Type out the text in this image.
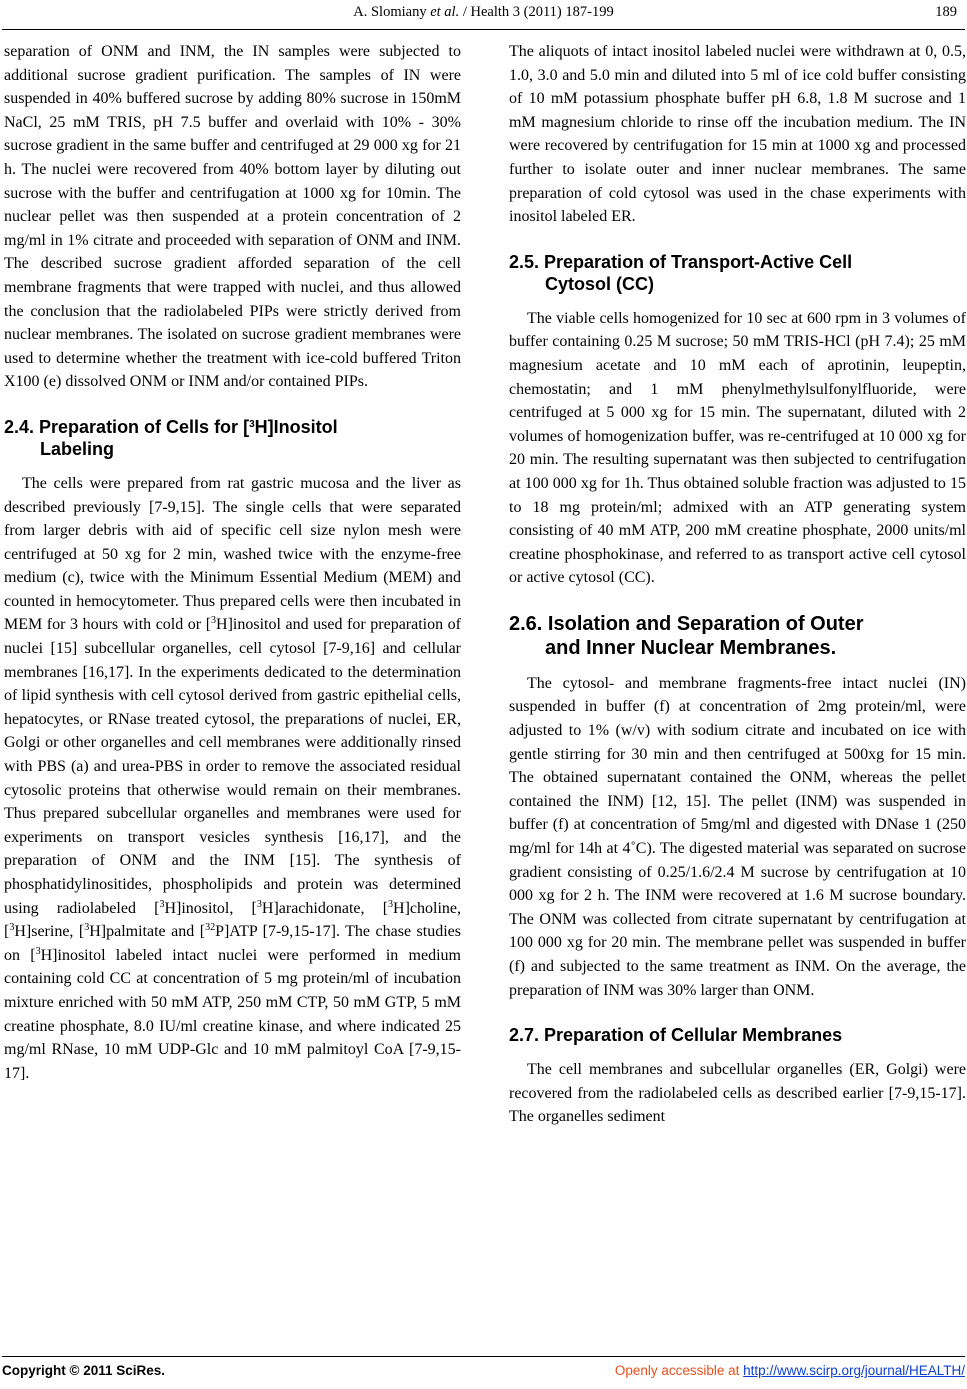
A. Slomiany et al. / Health 3 (2011) 187-199	189

separation of ONM and INM, the IN samples were subjected to additional sucrose gradient purification. The samples of IN were suspended in 40% buffered sucrose by adding 80% sucrose in 150mM NaCl, 25 mM TRIS, pH 7.5 buffer and overlaid with 10% - 30% sucrose gradient in the same buffer and centrifuged at 29 000 xg for 21 h. The nuclei were recovered from 40% bottom layer by diluting out sucrose with the buffer and centrifugation at 1000 xg for 10min. The nuclear pellet was then suspended at a protein concentration of 2 mg/ml in 1% citrate and proceeded with separation of ONM and INM. The described sucrose gradient afforded separation of the cell membrane fragments that were trapped with nuclei, and thus allowed the conclusion that the radiolabeled PIPs were strictly derived from nuclear membranes. The isolated on sucrose gradient membranes were used to determine whether the treatment with ice-cold buffered Triton X100 (e) dissolved ONM or INM and/or contained PIPs.

2.4. Preparation of Cells for [$^3$H]Inositol
Labeling

The cells were prepared from rat gastric mucosa and the liver as described previously [7-9,15]. The single cells that were separated from larger debris with aid of specific cell size nylon mesh were centrifuged at 50 xg for 2 min, washed twice with the enzyme-free medium (c), twice with the Minimum Essential Medium (MEM) and counted in hemocytometer. Thus prepared cells were then incubated in MEM for 3 hours with cold or [$^3$H]inositol and used for preparation of nuclei [15] subcellular organelles, cell cytosol [7-9,16] and cellular membranes [16,17]. In the experiments dedicated to the determination of lipid synthesis with cell cytosol derived from gastric epithelial cells, hepatocytes, or RNase treated cytosol, the preparations of nuclei, ER, Golgi or other organelles and cell membranes were additionally rinsed with PBS (a) and urea-PBS in order to remove the associated residual cytosolic proteins that otherwise would remain on their membranes. Thus prepared subcellular organelles and membranes were used for experiments on transport vesicles synthesis [16,17], and the preparation of ONM and the INM [15]. The synthesis of phosphatidylinositides, phospholipids and protein was determined using radiolabeled [$^3$H]inositol, [$^3$H]arachidonate, [$^3$H]choline, [$^3$H]serine, [$^3$H]palmitate and [$^{32}$P]ATP [7-9,15-17]. The chase studies on [$^3$H]inositol labeled intact nuclei were performed in medium containing cold CC at concentration of 5 mg protein/ml of incubation mixture enriched with 50 mM ATP, 250 mM CTP, 50 mM GTP, 5 mM creatine phosphate, 8.0 IU/ml creatine kinase, and where indicated 25 mg/ml RNase, 10 mM UDP-Glc and 10 mM palmitoyl CoA [7-9,15-17].

The aliquots of intact inositol labeled nuclei were withdrawn at 0, 0.5, 1.0, 3.0 and 5.0 min and diluted into 5 ml of ice cold buffer consisting of 10 mM potassium phosphate buffer pH 6.8, 1.8 M sucrose and 1 mM magnesium chloride to rinse off the incubation medium. The IN were recovered by centrifugation for 15 min at 1000 xg and processed further to isolate outer and inner nuclear membranes. The same preparation of cold cytosol was used in the chase experiments with inositol labeled ER.

2.5. Preparation of Transport-Active Cell
Cytosol (CC)

The viable cells homogenized for 10 sec at 600 rpm in 3 volumes of buffer containing 0.25 M sucrose; 50 mM TRIS-HCl (pH 7.4); 25 mM magnesium acetate and 10 mM each of aprotinin, leupeptin, chemostatin; and 1 mM phenylmethylsulfonylfluoride, were centrifuged at 5 000 xg for 15 min. The supernatant, diluted with 2 volumes of homogenization buffer, was re-centrifuged at 10 000 xg for 20 min. The resulting supernatant was then subjected to centrifugation at 100 000 xg for 1h. Thus obtained soluble fraction was adjusted to 15 to 18 mg protein/ml; admixed with an ATP generating system consisting of 40 mM ATP, 200 mM creatine phosphate, 2000 units/ml creatine phosphokinase, and referred to as transport active cell cytosol or active cytosol (CC).

2.6. Isolation and Separation of Outer
and Inner Nuclear Membranes.

The cytosol- and membrane fragments-free intact nuclei (IN) suspended in buffer (f) at concentration of 2mg protein/ml, were adjusted to 1% (w/v) with sodium citrate and incubated on ice with gentle stirring for 30 min and then centrifuged at 500xg for 15 min. The obtained supernatant contained the ONM, whereas the pellet contained the INM) [12, 15]. The pellet (INM) was suspended in buffer (f) at concentration of 5mg/ml and digested with DNase 1 (250 mg/ml for 14h at 4˚C). The digested material was separated on sucrose gradient consisting of 0.25/1.6/2.4 M sucrose by centrifugation at 10 000 xg for 2 h. The INM were recovered at 1.6 M sucrose boundary. The ONM was collected from citrate supernatant by centrifugation at 100 000 xg for 20 min. The membrane pellet was suspended in buffer (f) and subjected to the same treatment as INM. On the average, the preparation of INM was 30% larger than ONM.

2.7. Preparation of Cellular Membranes

The cell membranes and subcellular organelles (ER, Golgi) were recovered from the radiolabeled cells as described earlier [7-9,15-17]. The organelles sediment

Copyright © 2011 SciRes.	Openly accessible at http://www.scirp.org/journal/HEALTH/
